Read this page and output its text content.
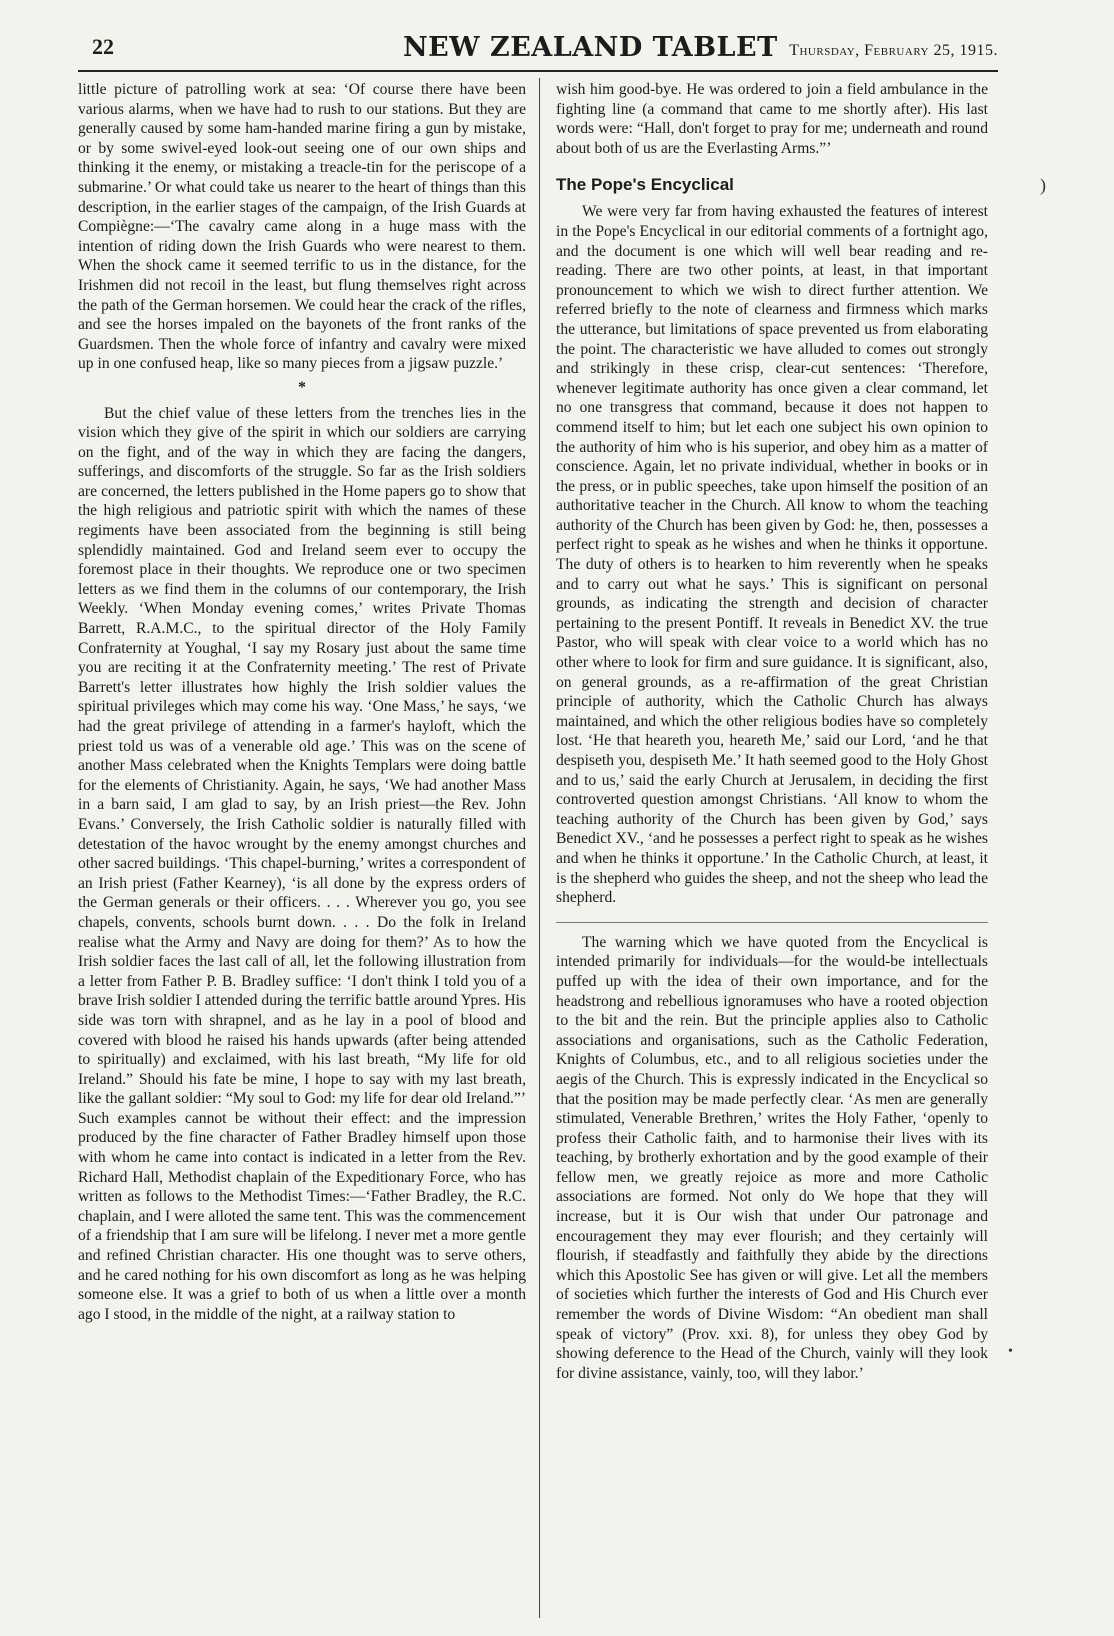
22	NEW ZEALAND TABLET Thursday, February 25, 1915.

little picture of patrolling work at sea: ‘Of course there have been various alarms, when we have had to rush to our stations. But they are generally caused by some ham-handed marine firing a gun by mistake, or by some swivel-eyed look-out seeing one of our own ships and thinking it the enemy, or mistaking a treacle-tin for the periscope of a submarine.’ Or what could take us nearer to the heart of things than this description, in the earlier stages of the campaign, of the Irish Guards at Compiègne:—‘The cavalry came along in a huge mass with the intention of riding down the Irish Guards who were nearest to them. When the shock came it seemed terrific to us in the distance, for the Irishmen did not recoil in the least, but flung themselves right across the path of the German horsemen. We could hear the crack of the rifles, and see the horses impaled on the bayonets of the front ranks of the Guardsmen. Then the whole force of infantry and cavalry were mixed up in one confused heap, like so many pieces from a jigsaw puzzle.’

*

But the chief value of these letters from the trenches lies in the vision which they give of the spirit in which our soldiers are carrying on the fight, and of the way in which they are facing the dangers, sufferings, and discomforts of the struggle. So far as the Irish soldiers are concerned, the letters published in the Home papers go to show that the high religious and patriotic spirit with which the names of these regiments have been associated from the beginning is still being splendidly maintained. God and Ireland seem ever to occupy the foremost place in their thoughts. We reproduce one or two specimen letters as we find them in the columns of our contemporary, the Irish Weekly. ‘When Monday evening comes,’ writes Private Thomas Barrett, R.A.M.C., to the spiritual director of the Holy Family Confraternity at Youghal, ‘I say my Rosary just about the same time you are reciting it at the Confraternity meeting.’ The rest of Private Barrett's letter illustrates how highly the Irish soldier values the spiritual privileges which may come his way. ‘One Mass,’ he says, ‘we had the great privilege of attending in a farmer's hayloft, which the priest told us was of a venerable old age.’ This was on the scene of another Mass celebrated when the Knights Templars were doing battle for the elements of Christianity. Again, he says, ‘We had another Mass in a barn said, I am glad to say, by an Irish priest—the Rev. John Evans.’ Conversely, the Irish Catholic soldier is naturally filled with detestation of the havoc wrought by the enemy amongst churches and other sacred buildings. ‘This chapel-burning,’ writes a correspondent of an Irish priest (Father Kearney), ‘is all done by the express orders of the German generals or their officers. . . . Wherever you go, you see chapels, convents, schools burnt down. . . . Do the folk in Ireland realise what the Army and Navy are doing for them?’ As to how the Irish soldier faces the last call of all, let the following illustration from a letter from Father P. B. Bradley suffice: ‘I don't think I told you of a brave Irish soldier I attended during the terrific battle around Ypres. His side was torn with shrapnel, and as he lay in a pool of blood and covered with blood he raised his hands upwards (after being attended to spiritually) and exclaimed, with his last breath, “My life for old Ireland.” Should his fate be mine, I hope to say with my last breath, like the gallant soldier: “My soul to God: my life for dear old Ireland.”’ Such examples cannot be without their effect: and the impression produced by the fine character of Father Bradley himself upon those with whom he came into contact is indicated in a letter from the Rev. Richard Hall, Methodist chaplain of the Expeditionary Force, who has written as follows to the Methodist Times:—‘Father Bradley, the R.C. chaplain, and I were alloted the same tent. This was the commencement of a friendship that I am sure will be lifelong. I never met a more gentle and refined Christian character. His one thought was to serve others, and he cared nothing for his own discomfort as long as he was helping someone else. It was a grief to both of us when a little over a month ago I stood, in the middle of the night, at a railway station to

wish him good-bye. He was ordered to join a field ambulance in the fighting line (a command that came to me shortly after). His last words were: “Hall, don't forget to pray for me; underneath and round about both of us are the Everlasting Arms.”’

The Pope's Encyclical

We were very far from having exhausted the features of interest in the Pope's Encyclical in our editorial comments of a fortnight ago, and the document is one which will well bear reading and re-reading. There are two other points, at least, in that important pronouncement to which we wish to direct further attention. We referred briefly to the note of clearness and firmness which marks the utterance, but limitations of space prevented us from elaborating the point. The characteristic we have alluded to comes out strongly and strikingly in these crisp, clear-cut sentences: ‘Therefore, whenever legitimate authority has once given a clear command, let no one transgress that command, because it does not happen to commend itself to him; but let each one subject his own opinion to the authority of him who is his superior, and obey him as a matter of conscience. Again, let no private individual, whether in books or in the press, or in public speeches, take upon himself the position of an authoritative teacher in the Church. All know to whom the teaching authority of the Church has been given by God: he, then, possesses a perfect right to speak as he wishes and when he thinks it opportune. The duty of others is to hearken to him reverently when he speaks and to carry out what he says.’ This is significant on personal grounds, as indicating the strength and decision of character pertaining to the present Pontiff. It reveals in Benedict XV. the true Pastor, who will speak with clear voice to a world which has no other where to look for firm and sure guidance. It is significant, also, on general grounds, as a re-affirmation of the great Christian principle of authority, which the Catholic Church has always maintained, and which the other religious bodies have so completely lost. ‘He that heareth you, heareth Me,’ said our Lord, ‘and he that despiseth you, despiseth Me.’ It hath seemed good to the Holy Ghost and to us,’ said the early Church at Jerusalem, in deciding the first controverted question amongst Christians. ‘All know to whom the teaching authority of the Church has been given by God,’ says Benedict XV., ‘and he possesses a perfect right to speak as he wishes and when he thinks it opportune.’ In the Catholic Church, at least, it is the shepherd who guides the sheep, and not the sheep who lead the shepherd.

The warning which we have quoted from the Encyclical is intended primarily for individuals—for the would-be intellectuals puffed up with the idea of their own importance, and for the headstrong and rebellious ignoramuses who have a rooted objection to the bit and the rein. But the principle applies also to Catholic associations and organisations, such as the Catholic Federation, Knights of Columbus, etc., and to all religious societies under the aegis of the Church. This is expressly indicated in the Encyclical so that the position may be made perfectly clear. ‘As men are generally stimulated, Venerable Brethren,’ writes the Holy Father, ‘openly to profess their Catholic faith, and to harmonise their lives with its teaching, by brotherly exhortation and by the good example of their fellow men, we greatly rejoice as more and more Catholic associations are formed. Not only do We hope that they will increase, but it is Our wish that under Our patronage and encouragement they may ever flourish; and they certainly will flourish, if steadfastly and faithfully they abide by the directions which this Apostolic See has given or will give. Let all the members of societies which further the interests of God and His Church ever remember the words of Divine Wisdom: “An obedient man shall speak of victory” (Prov. xxi. 8), for unless they obey God by showing deference to the Head of the Church, vainly will they look for divine assistance, vainly, too, will they labor.’

)
•
